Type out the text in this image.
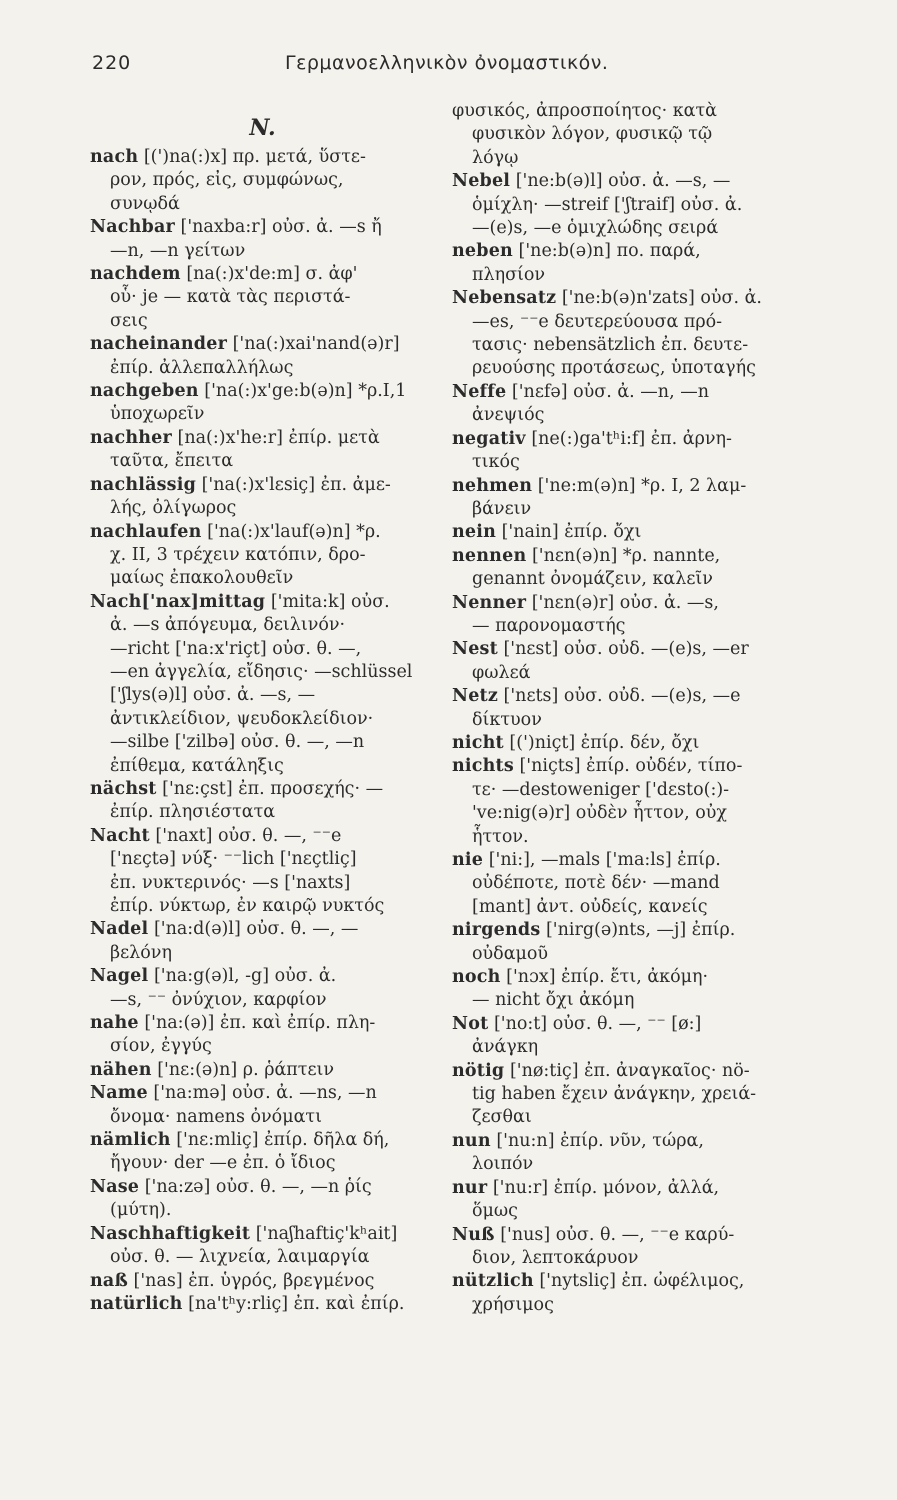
220	Γερμανοελληνικὸν ὀνομαστικόν.
N.
nach [(')na(:)x] πρ. μετά, ὕστε-
ρον, πρός, εἰς, συμφώνως,
συνῳδά
Nachbar ['naxba:r] οὐσ. ἀ. —s ἤ
—n, —n γείτων
nachdem [na(:)x'de:m] σ. ἀφ'
οὗ· je — κατὰ τὰς περιστά-
σεις
nacheinander ['na(:)xai'nand(ə)r]
ἐπίρ. ἀλλεπαλλήλως
nachgeben ['na(:)x'ge:b(ə)n] *ρ.I,1
ὑποχωρεῖν
nachher [na(:)x'he:r] ἐπίρ. μετὰ
ταῦτα, ἔπειτα
nachlässig ['na(:)x'lɛsiç] ἐπ. ἀμε-
λής, ὀλίγωρος
nachlaufen ['na(:)x'lauf(ə)n] *ρ.
χ. II, 3 τρέχειν κατόπιν, δρο-
μαίως ἐπακολουθεῖν
Nach['nax]mittag ['mita:k] οὐσ.
ἀ. —s ἀπόγευμα, δειλινόν·
—richt ['na:x'riçt] οὐσ. θ. —,
—en ἀγγελία, εἴδησις· —schlüssel
['ʃlys(ə)l] οὐσ. ἀ. —s, —
ἀντικλείδιον, ψευδοκλείδιον·
—silbe ['zilbə] οὐσ. θ. —, —n
ἐπίθεμα, κατάληξις
nächst ['nɛ:çst] ἐπ. προσεχής· —
ἐπίρ. πλησιέστατα
Nacht ['naxt] οὐσ. θ. —, ⁻⁻e
['nɛçtə] νύξ· ⁻⁻lich ['nɛçtliç]
ἐπ. νυκτερινός· —s ['naxts]
ἐπίρ. νύκτωρ, ἐν καιρῷ νυκτός
Nadel ['na:d(ə)l] οὐσ. θ. —, —
βελόνη
Nagel ['na:g(ə)l, -g] οὐσ. ἀ.
—s, ⁻⁻ ὀνύχιον, καρφίον
nahe ['na:(ə)] ἐπ. καὶ ἐπίρ. πλη-
σίον, ἐγγύς
nähen ['nɛ:(ə)n] ρ. ῥάπτειν
Name ['na:mə] οὐσ. ἀ. —ns, —n
ὄνομα· namens ὀνόματι
nämlich ['nɛ:mliç] ἐπίρ. δῆλα δή,
ἤγουν· der —e ἐπ. ὁ ἴδιος
Nase ['na:zə] οὐσ. θ. —, —n ῥίς
(μύτη).
Naschhaftigkeit ['naʃhaftiç'kʰait]
οὐσ. θ. — λιχνεία, λαιμαργία
naß ['nas] ἐπ. ὑγρός, βρεγμένος
natürlich [na'tʰy:rliç] ἐπ. καὶ ἐπίρ.
φυσικός, ἀπροσποίητος· κατὰ
φυσικὸν λόγον, φυσικῷ τῷ
λόγῳ
Nebel ['ne:b(ə)l] οὐσ. ἀ. —s, —
ὁμίχλη· —streif ['ʃtraif] οὐσ. ἀ.
—(e)s, —e ὁμιχλώδης σειρά
neben ['ne:b(ə)n] πο. παρά,
πλησίον
Nebensatz ['ne:b(ə)n'zats] οὐσ. ἀ.
—es, ⁻⁻e δευτερεύουσα πρό-
τασις· nebensätzlich ἐπ. δευτε-
ρευούσης προτάσεως, ὑποταγής
Neffe ['nɛfə] οὐσ. ἀ. —n, —n
ἀνεψιός
negativ [ne(:)ga'tʰi:f] ἐπ. ἀρνη-
τικός
nehmen ['ne:m(ə)n] *ρ. I, 2 λαμ-
βάνειν
nein ['nain] ἐπίρ. ὄχι
nennen ['nɛn(ə)n] *ρ. nannte,
genannt ὀνομάζειν, καλεῖν
Nenner ['nɛn(ə)r] οὐσ. ἀ. —s,
— παρονομαστής
Nest ['nɛst] οὐσ. οὐδ. —(e)s, —er
φωλεά
Netz ['nɛts] οὐσ. οὐδ. —(e)s, —e
δίκτυον
nicht [(')niçt] ἐπίρ. δέν, ὄχι
nichts ['niçts] ἐπίρ. οὐδέν, τίπο-
τε· —destoweniger ['dɛsto(:)-
've:nig(ə)r] οὐδὲν ἧττον, οὐχ
ἧττον.
nie ['ni:], —mals ['ma:ls] ἐπίρ.
οὐδέποτε, ποτὲ δέν· —mand
[mant] ἀντ. οὐδείς, κανείς
nirgends ['nirg(ə)nts, —j] ἐπίρ.
οὐδαμοῦ
noch ['nɔx] ἐπίρ. ἔτι, ἀκόμη·
— nicht ὄχι ἀκόμη
Not ['no:t] οὐσ. θ. —, ⁻⁻ [ø:]
ἀνάγκη
nötig ['nø:tiç] ἐπ. ἀναγκαῖος· nö-
tig haben ἔχειν ἀνάγκην, χρειά-
ζεσθαι
nun ['nu:n] ἐπίρ. νῦν, τώρα,
λοιπόν
nur ['nu:r] ἐπίρ. μόνον, ἀλλά,
ὅμως
Nuß ['nus] οὐσ. θ. —, ⁻⁻e καρύ-
διον, λεπτοκάρυον
nützlich ['nytsliç] ἐπ. ὠφέλιμος,
χρήσιμος
